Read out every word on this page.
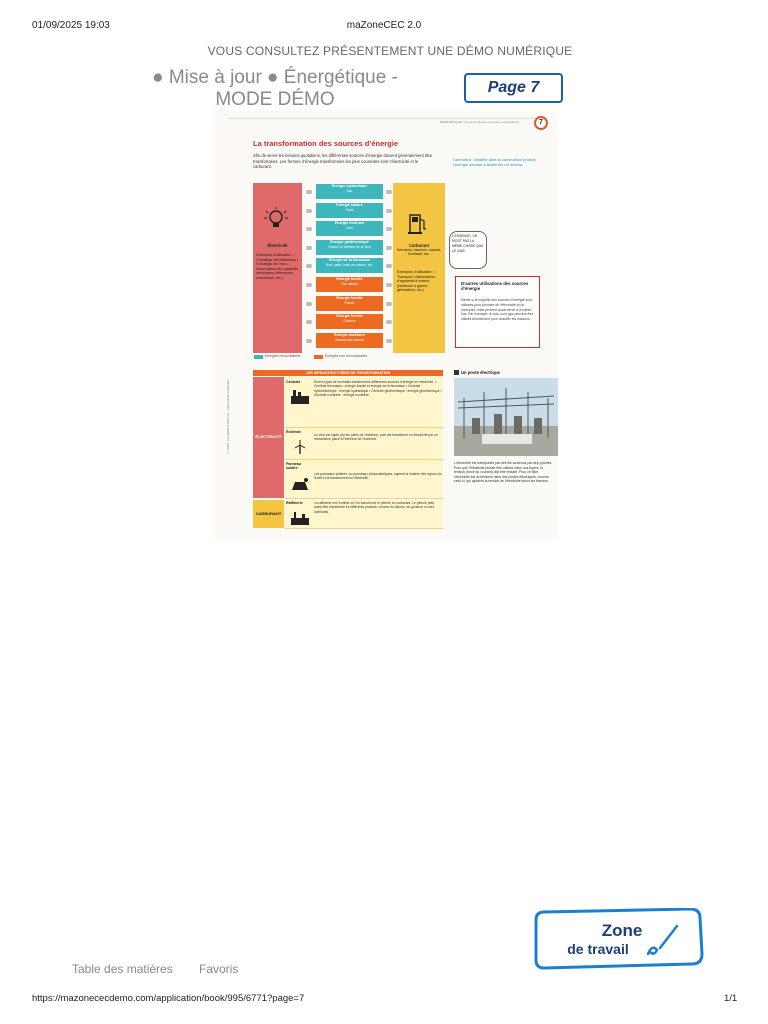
01/09/2025 19:03	maZoneCEC 2.0
VOUS CONSULTEZ PRÉSENTEMENT UNE DÉMO NUMÉRIQUE
● Mise à jour ● Énergétique -
MODE DÉMO
Page 7
ÉNERGÉTIQUE | Qu'est-ce qu'une ressource énergétique?	7
La transformation des sources d’énergie
Afin de servir les besoins quotidiens, les différentes sources d’énergie doivent généralement être transformées. Les formes d’énergie transformées les plus courantes sont l’électricité et le carburant.
Carburant : Matière dont la combustion produit l’énergie servant à alimenter un moteur.
Électricité
Exemples d’utilisation : • Chauffage des bâtiments • Chauffage de l’eau • Alimentation des appareils électriques (téléviseurs, ordinateurs, etc.)
Carburant
Kérosène, essence, mazout, biodiesel, etc.
Exemples d’utilisation : • Transport • Alimentation d’appareils à moteur (tondeuse à gazon, génératrice, etc.)
Énergie hydraulique
Eau
Énergie solaire
Soleil
Énergie éolienne
Vent
Énergie géothermique
Chaleur à l’intérieur de la Terre
Énergie de la biomasse
Bois, paille, huile de cuisson, etc.
Énergie fossile
Gaz naturel
Énergie fossile
Pétrole
Énergie fossile
Charbon
Énergie nucléaire
Uranium des atomes
L’ESSENCE, CE N’EST PAS LA MÊME CHOSE QUE LE GAZ!
D’autres utilisations des sources d’énergie
Même si la majorité des sources d’énergie sont utilisées pour produire de l’électricité et du carburant, elles peuvent aussi servir à d’autres fins. Par exemple, le bois ou le gaz peuvent être utilisés directement pour chauffer les maisons.
Énergies renouvelables	Énergies non renouvelables
© ERPI, Les Éditions CEC inc. • Reproduction interdite
LES INFRASTRUCTURES DE TRANSFORMATION
ÉLECTRICITÉ
CARBURANT
Centrale	Divers types de centrales transforment différentes sources d’énergie en électricité. • Centrale thermique : énergie fossile et énergie de la biomasse • Centrale hydroélectrique : énergie hydraulique • Centrale géothermique : énergie géothermique • Centrale nucléaire : énergie nucléaire
Éolienne
Le vent est capté par les pales de l’éolienne, puis est transformé en électricité par un mécanisme placé à l’intérieur de l’éolienne.
Panneau solaire
Les panneaux solaires, ou panneaux photovoltaïques, captent la lumière des rayons du Soleil et la transforment en électricité.
Raffinerie	La raffinerie est l’endroit où l’on transforme le pétrole en carburant. Le pétrole peut aussi être transformé en différents produits, comme du bitume, du goudron ou des lubrifiants.
Un poste électrique
L’électricité est transportée par des fils soutenus par des pylônes. Pour que l’électricité puisse être utilisée dans nos foyers, la tension (force du courant) doit être réduite. Pour ce faire, l’électricité est acheminée dans des postes électriques, comme celui-ci, qui ajustent la tension de l’électricité selon les besoins.
Zone
de travail
Table des matières Favoris
https://mazonececdemo.com/application/book/995/6771?page=7	1/1
